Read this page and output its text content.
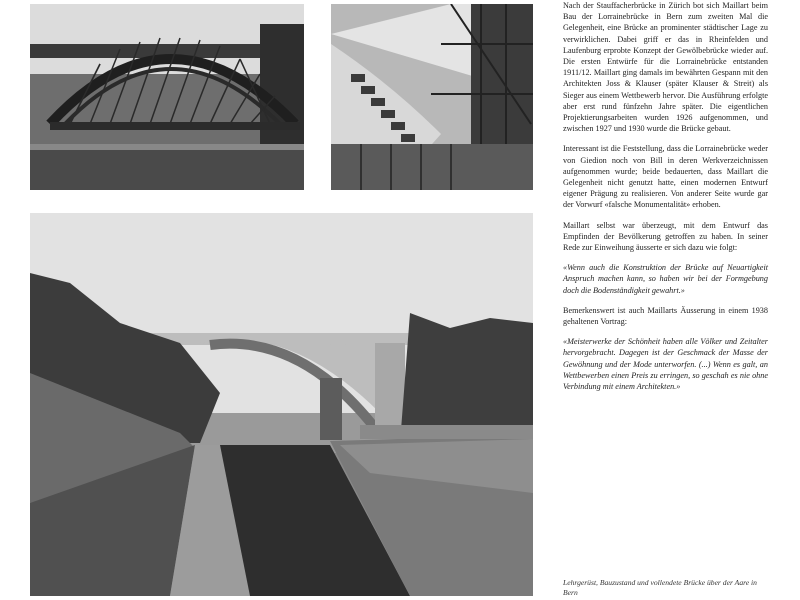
Nach der Stauffacherbrücke in Zürich bot sich Maillart beim Bau der Lorrainebrücke in Bern zum zweiten Mal die Gelegenheit, eine Brücke an prominenter städtischer Lage zu verwirklichen. Dabei griff er das in Rheinfelden und Laufenburg erprobte Konzept der Gewölbebrücke wieder auf. Die ersten Entwürfe für die Lorrainebrücke entstanden 1911/12. Maillart ging damals im bewährten Gespann mit den Architekten Joss & Klauser (später Klauser & Streit) als Sieger aus einem Wettbewerb hervor. Die Ausführung erfolgte aber erst rund fünfzehn Jahre später. Die eigentlichen Projektierungsarbeiten wurden 1926 aufgenommen, und zwischen 1927 und 1930 wurde die Brücke gebaut.

Interessant ist die Feststellung, dass die Lorrainebrücke weder von Giedion noch von Bill in deren Werkverzeichnissen aufgenommen wurde; beide bedauerten, dass Maillart die Gelegenheit nicht genutzt hatte, einen modernen Entwurf eigener Prägung zu realisieren. Von anderer Seite wurde gar der Vorwurf «falsche Monumentalität» erhoben.

Maillart selbst war überzeugt, mit dem Entwurf das Empfinden der Bevölkerung getroffen zu haben. In seiner Rede zur Einweihung äusserte er sich dazu wie folgt:

«Wenn auch die Konstruktion der Brücke auf Neuartigkeit Anspruch machen kann, so haben wir bei der Formgebung doch die Bodenständigkeit gewahrt.»

Bemerkenswert ist auch Maillarts Äusserung in einem 1938 gehaltenen Vortrag:

«Meisterwerke der Schönheit haben alle Völker und Zeitalter hervorgebracht. Dagegen ist der Geschmack der Masse der Gewöhnung und der Mode unterworfen. (...) Wenn es galt, an Wettbewerben einen Preis zu erringen, so geschah es nie ohne Verbindung mit einem Architekten.»

Lehrgerüst, Bauzustand und vollendete Brücke über der Aare in Bern
